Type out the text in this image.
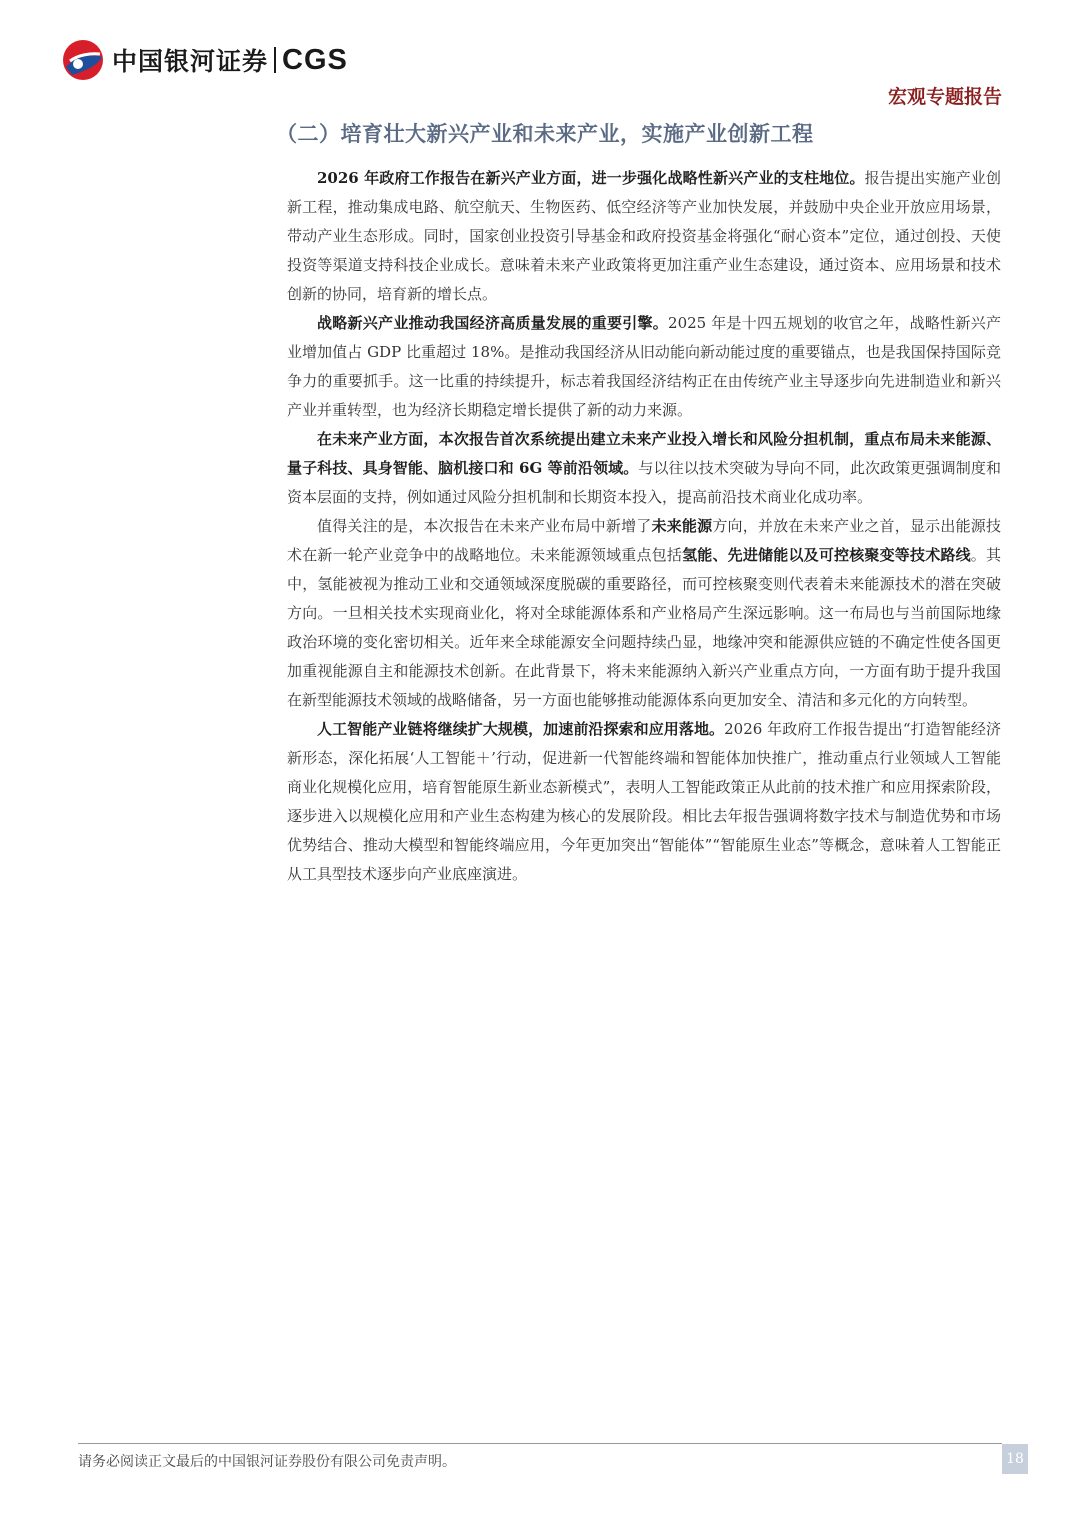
中国银河证券 CGS
宏观专题报告
（二）培育壮大新兴产业和未来产业，实施产业创新工程

2026 年政府工作报告在新兴产业方面，进一步强化战略性新兴产业的支柱地位。报告提出实施产业创新工程，推动集成电路、航空航天、生物医药、低空经济等产业加快发展，并鼓励中央企业开放应用场景，带动产业生态形成。同时，国家创业投资引导基金和政府投资基金将强化“耐心资本”定位，通过创投、天使投资等渠道支持科技企业成长。意味着未来产业政策将更加注重产业生态建设，通过资本、应用场景和技术创新的协同，培育新的增长点。

战略新兴产业推动我国经济高质量发展的重要引擎。2025 年是十四五规划的收官之年，战略性新兴产业增加值占 GDP 比重超过 18%。是推动我国经济从旧动能向新动能过度的重要锚点，也是我国保持国际竞争力的重要抓手。这一比重的持续提升，标志着我国经济结构正在由传统产业主导逐步向先进制造业和新兴产业并重转型，也为经济长期稳定增长提供了新的动力来源。

在未来产业方面，本次报告首次系统提出建立未来产业投入增长和风险分担机制，重点布局未来能源、量子科技、具身智能、脑机接口和 6G 等前沿领域。与以往以技术突破为导向不同，此次政策更强调制度和资本层面的支持，例如通过风险分担机制和长期资本投入，提高前沿技术商业化成功率。

值得关注的是，本次报告在未来产业布局中新增了未来能源方向，并放在未来产业之首，显示出能源技术在新一轮产业竞争中的战略地位。未来能源领域重点包括氢能、先进储能以及可控核聚变等技术路线。其中，氢能被视为推动工业和交通领域深度脱碳的重要路径，而可控核聚变则代表着未来能源技术的潜在突破方向。一旦相关技术实现商业化，将对全球能源体系和产业格局产生深远影响。这一布局也与当前国际地缘政治环境的变化密切相关。近年来全球能源安全问题持续凸显，地缘冲突和能源供应链的不确定性使各国更加重视能源自主和能源技术创新。在此背景下，将未来能源纳入新兴产业重点方向，一方面有助于提升我国在新型能源技术领域的战略储备，另一方面也能够推动能源体系向更加安全、清洁和多元化的方向转型。

人工智能产业链将继续扩大规模，加速前沿探索和应用落地。2026 年政府工作报告提出“打造智能经济新形态，深化拓展‘人工智能＋’行动，促进新一代智能终端和智能体加快推广，推动重点行业领域人工智能商业化规模化应用，培育智能原生新业态新模式”，表明人工智能政策正从此前的技术推广和应用探索阶段，逐步进入以规模化应用和产业生态构建为核心的发展阶段。相比去年报告强调将数字技术与制造优势和市场优势结合、推动大模型和智能终端应用，今年更加突出“智能体”“智能原生业态”等概念，意味着人工智能正从工具型技术逐步向产业底座演进。

请务必阅读正文最后的中国银河证券股份有限公司免责声明。	18
